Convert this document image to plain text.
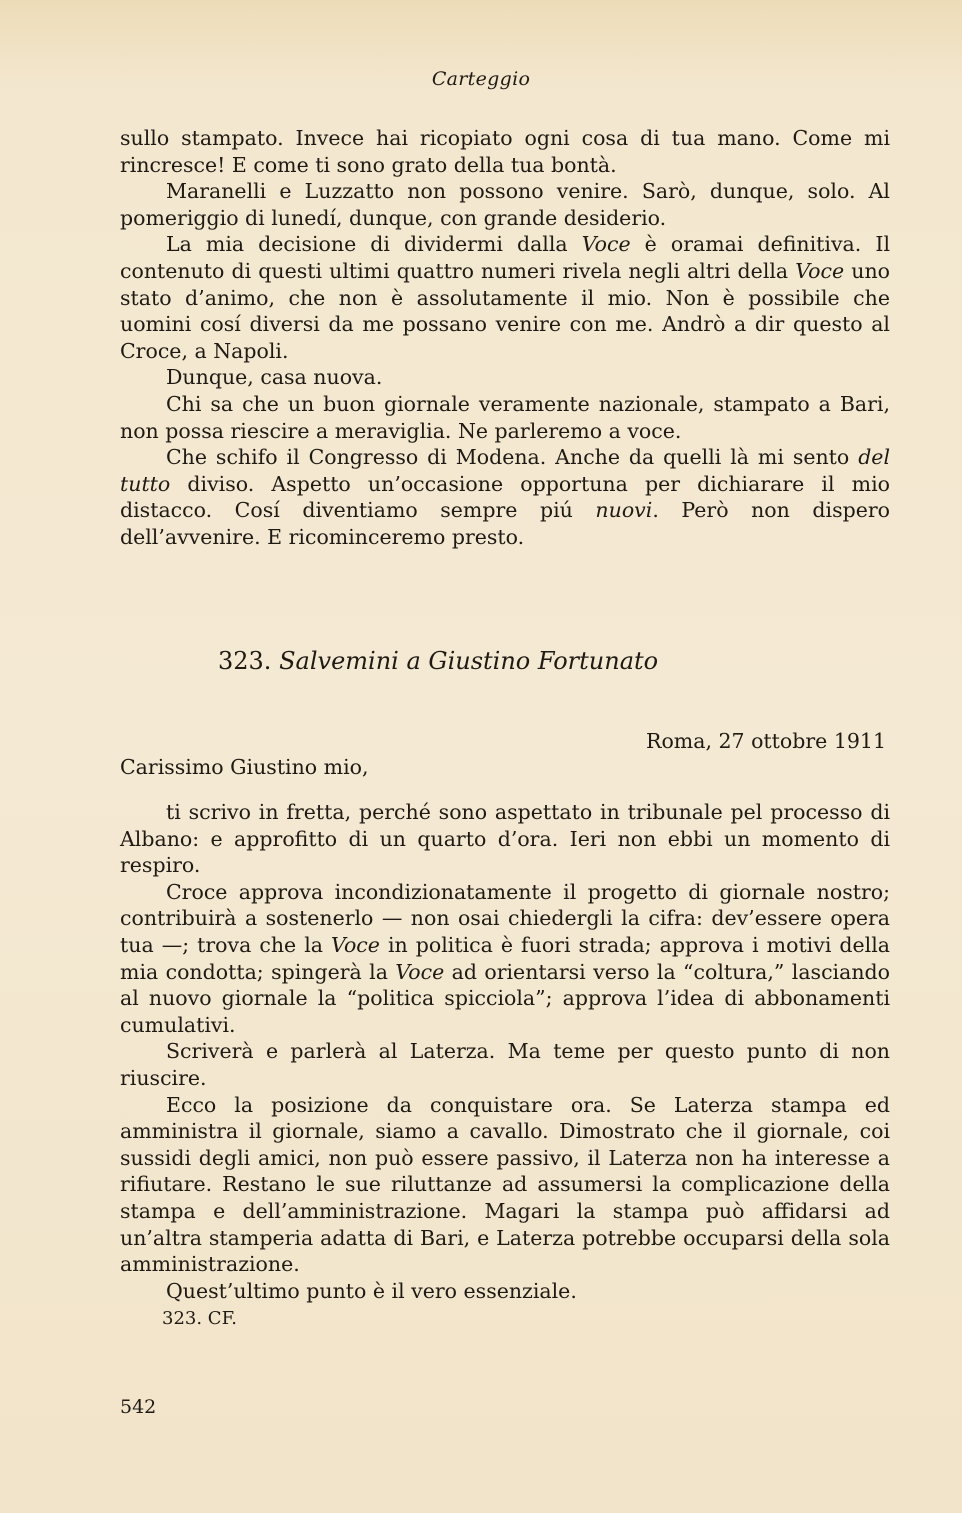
Carteggio

sullo stampato. Invece hai ricopiato ogni cosa di tua mano. Come mi rincresce! E come ti sono grato della tua bontà.

Maranelli e Luzzatto non possono venire. Sarò, dunque, solo. Al pomeriggio di lunedí, dunque, con grande desiderio.

La mia decisione di dividermi dalla Voce è oramai definitiva. Il contenuto di questi ultimi quattro numeri rivela negli altri della Voce uno stato d’animo, che non è assolutamente il mio. Non è possibile che uomini cosí diversi da me possano venire con me. Andrò a dir questo al Croce, a Napoli.

Dunque, casa nuova.

Chi sa che un buon giornale veramente nazionale, stampato a Bari, non possa riescire a meraviglia. Ne parleremo a voce.

Che schifo il Congresso di Modena. Anche da quelli là mi sento del tutto diviso. Aspetto un’occasione opportuna per dichiarare il mio distacco. Cosí diventiamo sempre piú nuovi. Però non dispero dell’avvenire. E ricominceremo presto.

323. Salvemini a Giustino Fortunato
Roma, 27 ottobre 1911
Carissimo Giustino mio,

ti scrivo in fretta, perché sono aspettato in tribunale pel processo di Albano: e approfitto di un quarto d’ora. Ieri non ebbi un momento di respiro.

Croce approva incondizionatamente il progetto di giornale nostro; contribuirà a sostenerlo — non osai chiedergli la cifra: dev’essere opera tua —; trova che la Voce in politica è fuori strada; approva i motivi della mia condotta; spingerà la Voce ad orientarsi verso la “coltura,” lasciando al nuovo giornale la “politica spicciola”; approva l’idea di abbonamenti cumulativi.

Scriverà e parlerà al Laterza. Ma teme per questo punto di non riuscire.

Ecco la posizione da conquistare ora. Se Laterza stampa ed amministra il giornale, siamo a cavallo. Dimostrato che il giornale, coi sussidi degli amici, non può essere passivo, il Laterza non ha interesse a rifiutare. Restano le sue riluttanze ad assumersi la complicazione della stampa e dell’amministrazione. Magari la stampa può affidarsi ad un’altra stamperia adatta di Bari, e Laterza potrebbe occuparsi della sola amministrazione.

Quest’ultimo punto è il vero essenziale.

323. CF.
542
